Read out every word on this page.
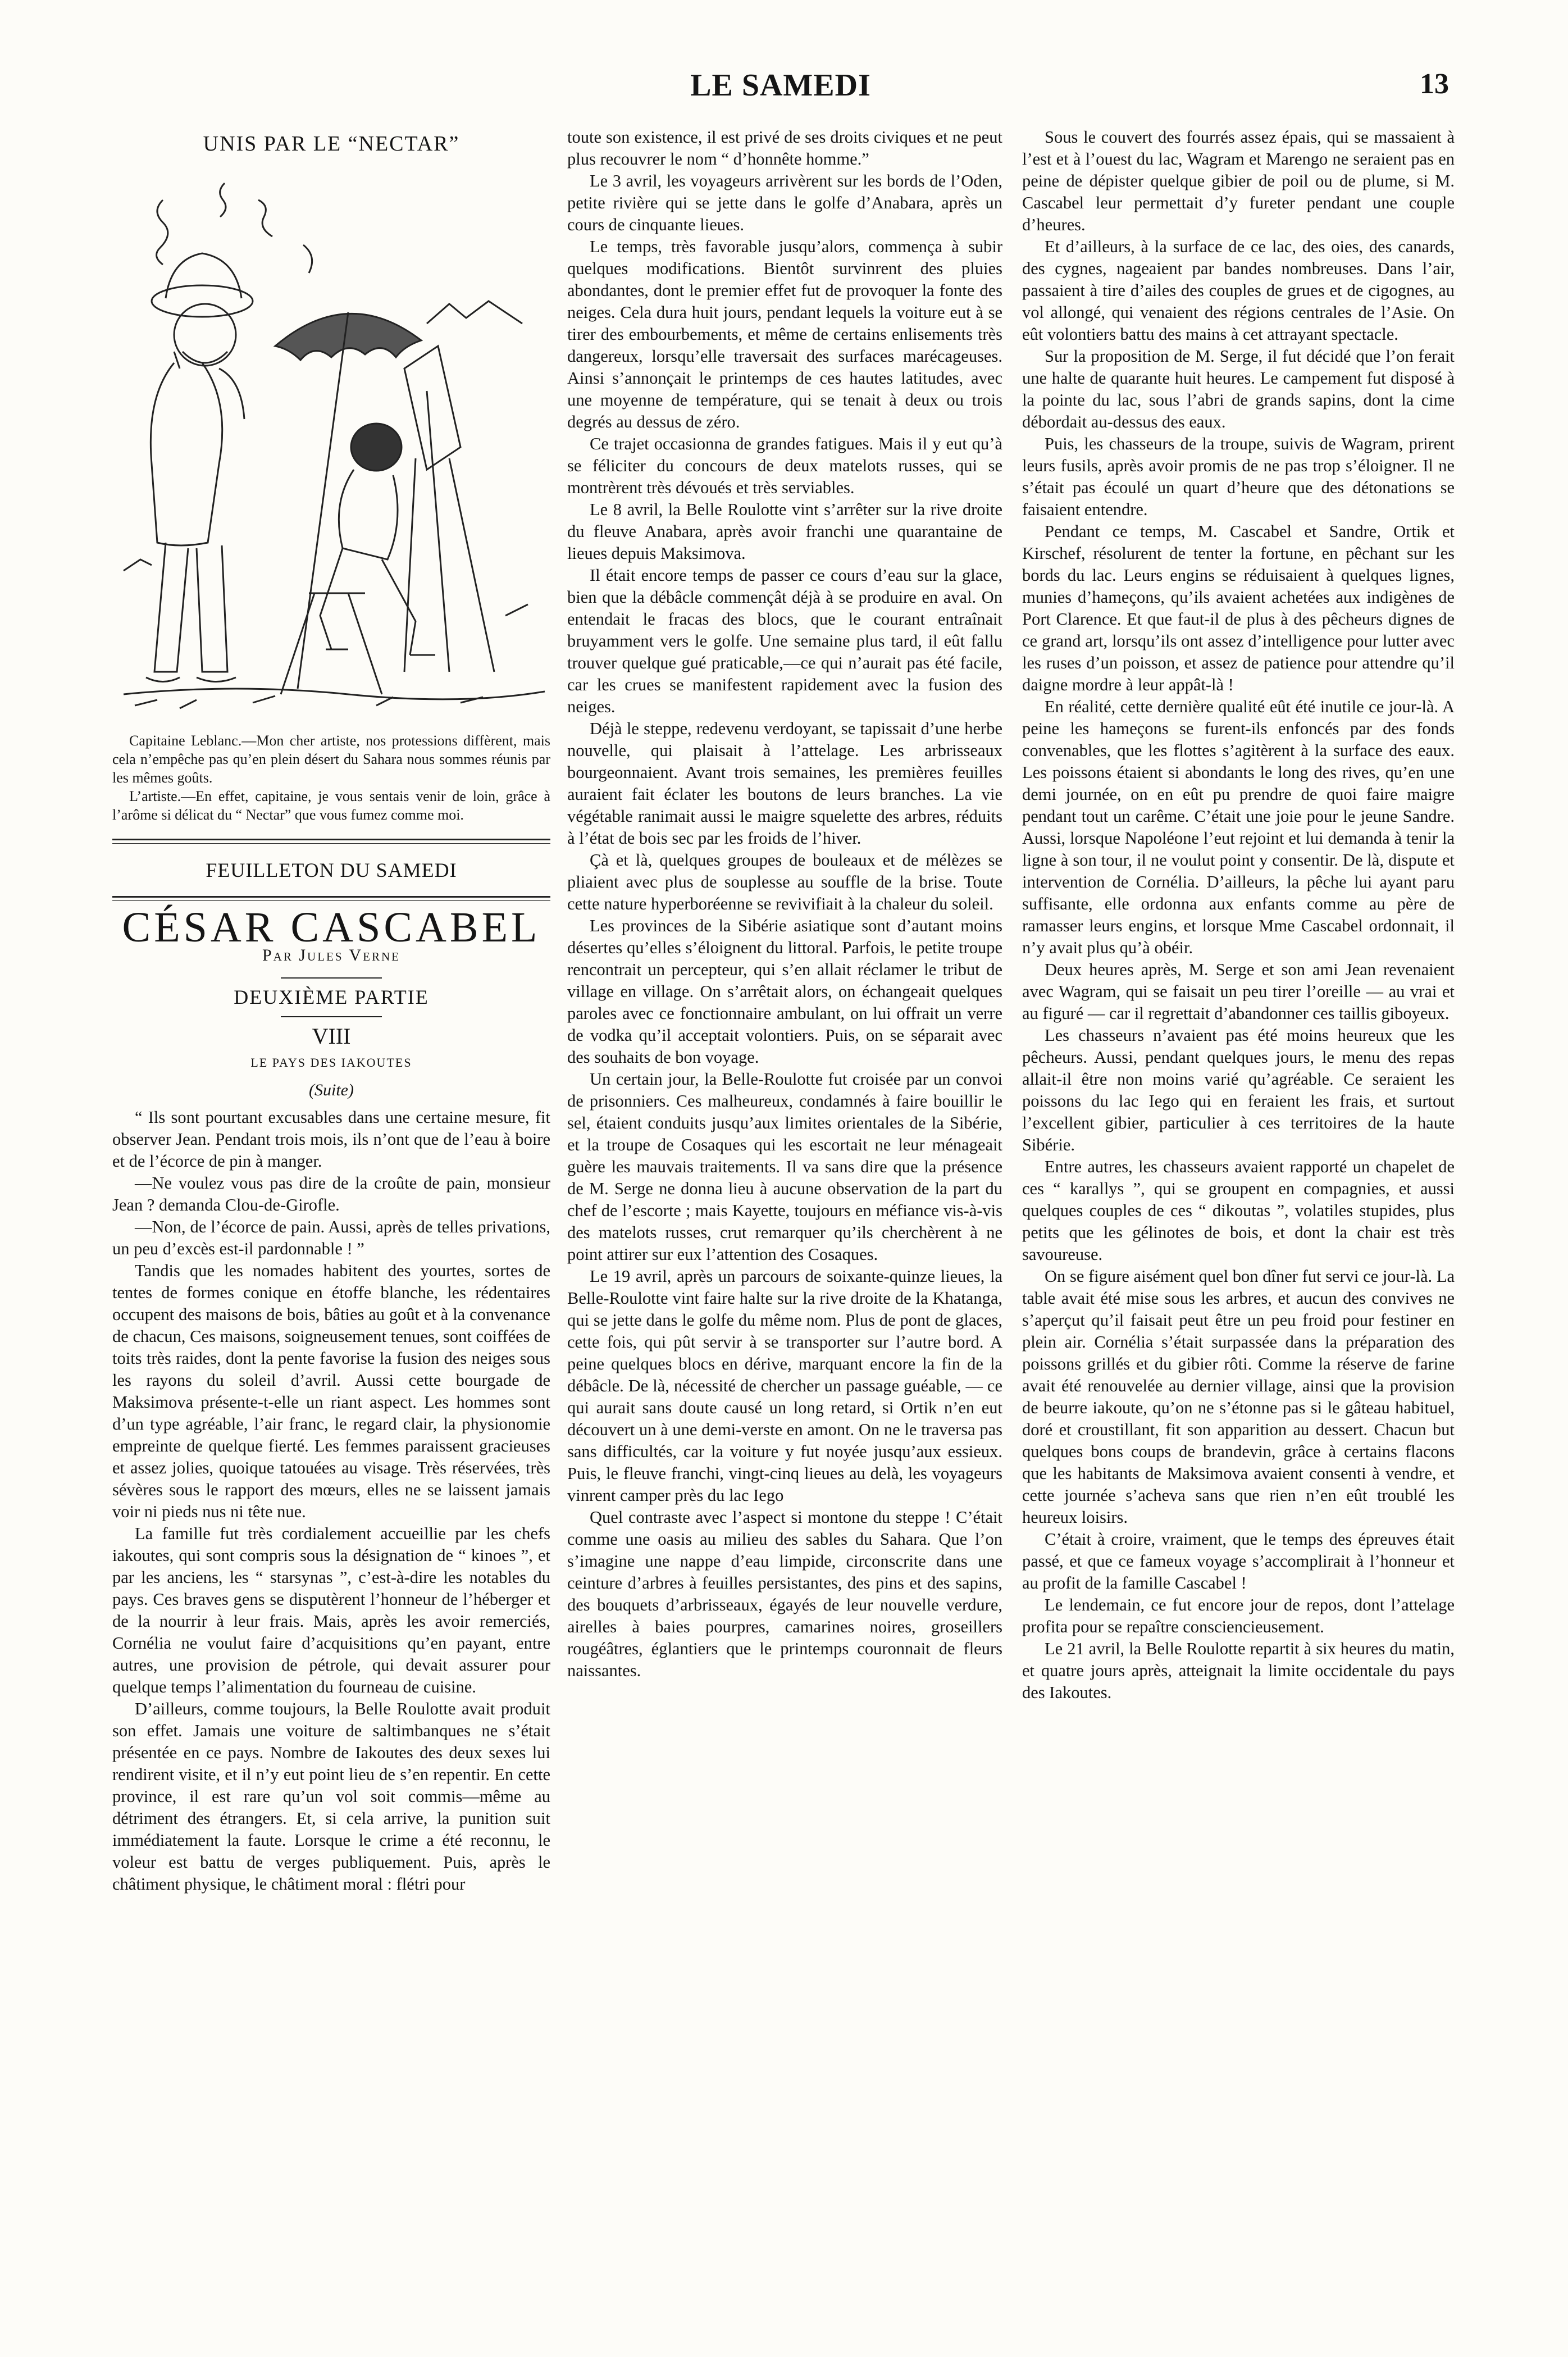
LE SAMEDI	13
UNIS PAR LE “NECTAR”

Capitaine Leblanc.—Mon cher artiste, nos protessions diffèrent, mais cela n’empêche pas qu’en plein désert du Sahara nous sommes réunis par les mêmes goûts.

L’artiste.—En effet, capitaine, je vous sentais venir de loin, grâce à l’arôme si délicat du “ Nectar” que vous fumez comme moi.

FEUILLETON DU SAMEDI
CÉSAR CASCABEL
Par Jules Verne
DEUXIÈME PARTIE
VIII
LE PAYS DES IAKOUTES
(Suite)

“ Ils sont pourtant excusables dans une certaine mesure, fit observer Jean. Pendant trois mois, ils n’ont que de l’eau à boire et de l’écorce de pin à manger.

—Ne voulez vous pas dire de la croûte de pain, monsieur Jean ? demanda Clou-de-Girofle.

—Non, de l’écorce de pain. Aussi, après de telles privations, un peu d’excès est-il pardonnable ! ”

Tandis que les nomades habitent des yourtes, sortes de tentes de formes conique en étoffe blanche, les rédentaires occupent des maisons de bois, bâties au goût et à la convenance de chacun, Ces maisons, soigneusement tenues, sont coiffées de toits très raides, dont la pente favorise la fusion des neiges sous les rayons du soleil d’avril. Aussi cette bourgade de Maksimova présente-t-elle un riant aspect. Les hommes sont d’un type agréable, l’air franc, le regard clair, la physionomie empreinte de quelque fierté. Les femmes paraissent gracieuses et assez jolies, quoique tatouées au visage. Très réservées, très sévères sous le rapport des mœurs, elles ne se laissent jamais voir ni pieds nus ni tête nue.

La famille fut très cordialement accueillie par les chefs iakoutes, qui sont compris sous la désignation de “ kinoes ”, et par les anciens, les “ starsynas ”, c’est-à-dire les notables du pays. Ces braves gens se disputèrent l’honneur de l’héberger et de la nourrir à leur frais. Mais, après les avoir remerciés, Cornélia ne voulut faire d’acquisitions qu’en payant, entre autres, une provision de pétrole, qui devait assurer pour quelque temps l’alimentation du fourneau de cuisine.

D’ailleurs, comme toujours, la Belle Roulotte avait produit son effet. Jamais une voiture de saltimbanques ne s’était présentée en ce pays. Nombre de Iakoutes des deux sexes lui rendirent visite, et il n’y eut point lieu de s’en repentir. En cette province, il est rare qu’un vol soit commis—même au détriment des étrangers. Et, si cela arrive, la punition suit immédiatement la faute. Lorsque le crime a été reconnu, le voleur est battu de verges publiquement. Puis, après le châtiment physique, le châtiment moral : flétri pour

toute son existence, il est privé de ses droits civiques et ne peut plus recouvrer le nom “ d’honnête homme.”

Le 3 avril, les voyageurs arrivèrent sur les bords de l’Oden, petite rivière qui se jette dans le golfe d’Anabara, après un cours de cinquante lieues.

Le temps, très favorable jusqu’alors, commença à subir quelques modifications. Bientôt survinrent des pluies abondantes, dont le premier effet fut de provoquer la fonte des neiges. Cela dura huit jours, pendant lequels la voiture eut à se tirer des embourbements, et même de certains enlisements très dangereux, lorsqu’elle traversait des surfaces marécageuses. Ainsi s’annonçait le printemps de ces hautes latitudes, avec une moyenne de température, qui se tenait à deux ou trois degrés au dessus de zéro.

Ce trajet occasionna de grandes fatigues. Mais il y eut qu’à se féliciter du concours de deux matelots russes, qui se montrèrent très dévoués et très serviables.

Le 8 avril, la Belle Roulotte vint s’arrêter sur la rive droite du fleuve Anabara, après avoir franchi une quarantaine de lieues depuis Maksimova.

Il était encore temps de passer ce cours d’eau sur la glace, bien que la débâcle commençât déjà à se produire en aval. On entendait le fracas des blocs, que le courant entraînait bruyamment vers le golfe. Une semaine plus tard, il eût fallu trouver quelque gué praticable,—ce qui n’aurait pas été facile, car les crues se manifestent rapidement avec la fusion des neiges.

Déjà le steppe, redevenu verdoyant, se tapissait d’une herbe nouvelle, qui plaisait à l’attelage. Les arbrisseaux bourgeonnaient. Avant trois semaines, les premières feuilles auraient fait éclater les boutons de leurs branches. La vie végétable ranimait aussi le maigre squelette des arbres, réduits à l’état de bois sec par les froids de l’hiver.

Çà et là, quelques groupes de bouleaux et de mélèzes se pliaient avec plus de souplesse au souffle de la brise. Toute cette nature hyperboréenne se revivifiait à la chaleur du soleil.

Les provinces de la Sibérie asiatique sont d’autant moins désertes qu’elles s’éloignent du littoral. Parfois, le petite troupe rencontrait un percepteur, qui s’en allait réclamer le tribut de village en village. On s’arrêtait alors, on échangeait quelques paroles avec ce fonctionnaire ambulant, on lui offrait un verre de vodka qu’il acceptait volontiers. Puis, on se séparait avec des souhaits de bon voyage.

Un certain jour, la Belle-Roulotte fut croisée par un convoi de prisonniers. Ces malheureux, condamnés à faire bouillir le sel, étaient conduits jusqu’aux limites orientales de la Sibérie, et la troupe de Cosaques qui les escortait ne leur ménageait guère les mauvais traitements. Il va sans dire que la présence de M. Serge ne donna lieu à aucune observation de la part du chef de l’escorte ; mais Kayette, toujours en méfiance vis-à-vis des matelots russes, crut remarquer qu’ils cherchèrent à ne point attirer sur eux l’attention des Cosaques.

Le 19 avril, après un parcours de soixante-quinze lieues, la Belle-Roulotte vint faire halte sur la rive droite de la Khatanga, qui se jette dans le golfe du même nom. Plus de pont de glaces, cette fois, qui pût servir à se transporter sur l’autre bord. A peine quelques blocs en dérive, marquant encore la fin de la débâcle. De là, nécessité de chercher un passage guéable, — ce qui aurait sans doute causé un long retard, si Ortik n’en eut découvert un à une demi-verste en amont. On ne le traversa pas sans difficultés, car la voiture y fut noyée jusqu’aux essieux. Puis, le fleuve franchi, vingt-cinq lieues au delà, les voyageurs vinrent camper près du lac Iego

Quel contraste avec l’aspect si montone du steppe ! C’était comme une oasis au milieu des sables du Sahara. Que l’on s’imagine une nappe d’eau limpide, circonscrite dans une ceinture d’arbres à feuilles persistantes, des pins et des sapins, des bouquets d’arbrisseaux, égayés de leur nouvelle verdure, airelles à baies pourpres, camarines noires, groseillers rougéâtres, églantiers que le printemps couronnait de fleurs naissantes.

Sous le couvert des fourrés assez épais, qui se massaient à l’est et à l’ouest du lac, Wagram et Marengo ne seraient pas en peine de dépister quelque gibier de poil ou de plume, si M. Cascabel leur permettait d’y fureter pendant une couple d’heures.

Et d’ailleurs, à la surface de ce lac, des oies, des canards, des cygnes, nageaient par bandes nombreuses. Dans l’air, passaient à tire d’ailes des couples de grues et de cigognes, au vol allongé, qui venaient des régions centrales de l’Asie. On eût volontiers battu des mains à cet attrayant spectacle.

Sur la proposition de M. Serge, il fut décidé que l’on ferait une halte de quarante huit heures. Le campement fut disposé à la pointe du lac, sous l’abri de grands sapins, dont la cime débordait au-dessus des eaux.

Puis, les chasseurs de la troupe, suivis de Wagram, prirent leurs fusils, après avoir promis de ne pas trop s’éloigner. Il ne s’était pas écoulé un quart d’heure que des détonations se faisaient entendre.

Pendant ce temps, M. Cascabel et Sandre, Ortik et Kirschef, résolurent de tenter la fortune, en pêchant sur les bords du lac. Leurs engins se réduisaient à quelques lignes, munies d’hameçons, qu’ils avaient achetées aux indigènes de Port Clarence. Et que faut-il de plus à des pêcheurs dignes de ce grand art, lorsqu’ils ont assez d’intelligence pour lutter avec les ruses d’un poisson, et assez de patience pour attendre qu’il daigne mordre à leur appât-là !

En réalité, cette dernière qualité eût été inutile ce jour-là. A peine les hameçons se furent-ils enfoncés par des fonds convenables, que les flottes s’agitèrent à la surface des eaux. Les poissons étaient si abondants le long des rives, qu’en une demi journée, on en eût pu prendre de quoi faire maigre pendant tout un carême. C’était une joie pour le jeune Sandre. Aussi, lorsque Napoléone l’eut rejoint et lui demanda à tenir la ligne à son tour, il ne voulut point y consentir. De là, dispute et intervention de Cornélia. D’ailleurs, la pêche lui ayant paru suffisante, elle ordonna aux enfants comme au père de ramasser leurs engins, et lorsque Mme Cascabel ordonnait, il n’y avait plus qu’à obéir.

Deux heures après, M. Serge et son ami Jean revenaient avec Wagram, qui se faisait un peu tirer l’oreille — au vrai et au figuré — car il regrettait d’abandonner ces taillis giboyeux.

Les chasseurs n’avaient pas été moins heureux que les pêcheurs. Aussi, pendant quelques jours, le menu des repas allait-il être non moins varié qu’agréable. Ce seraient les poissons du lac Iego qui en feraient les frais, et surtout l’excellent gibier, particulier à ces territoires de la haute Sibérie.

Entre autres, les chasseurs avaient rapporté un chapelet de ces “ karallys ”, qui se groupent en compagnies, et aussi quelques couples de ces “ dikoutas ”, volatiles stupides, plus petits que les gélinotes de bois, et dont la chair est très savoureuse.

On se figure aisément quel bon dîner fut servi ce jour-là. La table avait été mise sous les arbres, et aucun des convives ne s’aperçut qu’il faisait peut être un peu froid pour festiner en plein air. Cornélia s’était surpassée dans la préparation des poissons grillés et du gibier rôti. Comme la réserve de farine avait été renouvelée au dernier village, ainsi que la provision de beurre iakoute, qu’on ne s’étonne pas si le gâteau habituel, doré et croustillant, fit son apparition au dessert. Chacun but quelques bons coups de brandevin, grâce à certains flacons que les habitants de Maksimova avaient consenti à vendre, et cette journée s’acheva sans que rien n’en eût troublé les heureux loisirs.

C’était à croire, vraiment, que le temps des épreuves était passé, et que ce fameux voyage s’accomplirait à l’honneur et au profit de la famille Cascabel !

Le lendemain, ce fut encore jour de repos, dont l’attelage profita pour se repaître consciencieusement.

Le 21 avril, la Belle Roulotte repartit à six heures du matin, et quatre jours après, atteignait la limite occidentale du pays des Iakoutes.
